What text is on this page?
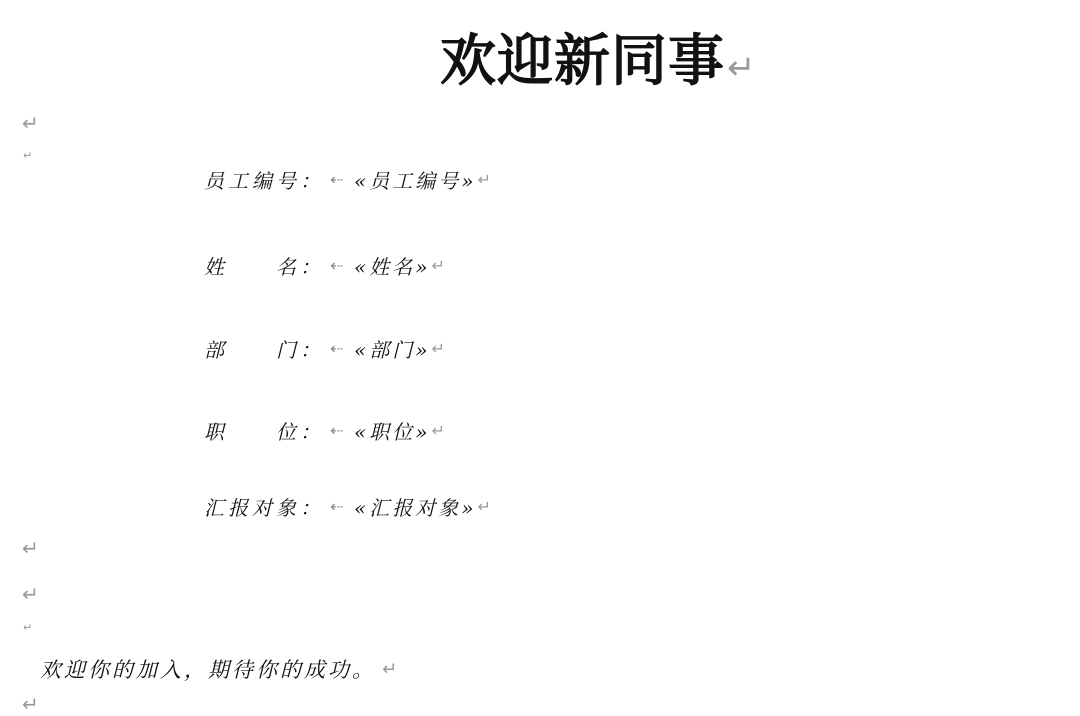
欢迎新同事 ↵
↵
↵
员工编号： ⇠ «员工编号» ↵
姓　　名： ⇠ «姓名» ↵
部　　门： ⇠ «部门» ↵
职　　位： ⇠ «职位» ↵
汇报对象： ⇠ «汇报对象» ↵
↵
↵
↵
欢迎你的加入，期待你的成功。 ↵
↵
